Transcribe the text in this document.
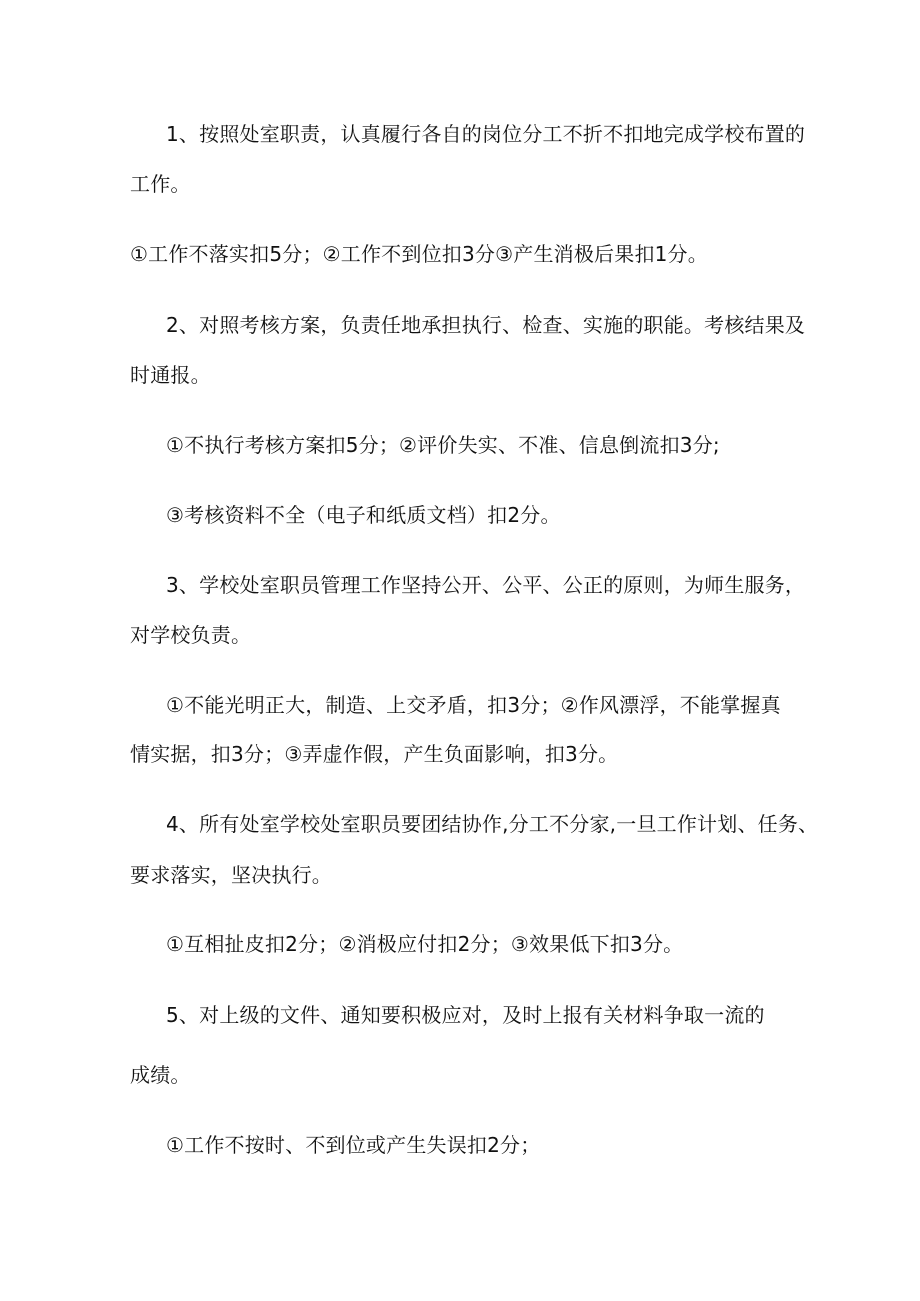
1、按照处室职责，认真履行各自的岗位分工不折不扣地完成学校布置的
工作。
①工作不落实扣5分；②工作不到位扣3分③产生消极后果扣1分。
2、对照考核方案，负责任地承担执行、检查、实施的职能。考核结果及
时通报。
①不执行考核方案扣5分；②评价失实、不准、信息倒流扣3分;
③考核资料不全（电子和纸质文档）扣2分。
3、学校处室职员管理工作坚持公开、公平、公正的原则，为师生服务，
对学校负责。
①不能光明正大，制造、上交矛盾，扣3分；②作风漂浮，不能掌握真
情实据，扣3分；③弄虚作假，产生负面影响，扣3分。
4、所有处室学校处室职员要团结协作,分工不分家,一旦工作计划、任务、
要求落实，坚决执行。
①互相扯皮扣2分；②消极应付扣2分；③效果低下扣3分。
5、对上级的文件、通知要积极应对，及时上报有关材料争取一流的
成绩。
①工作不按时、不到位或产生失误扣2分；
